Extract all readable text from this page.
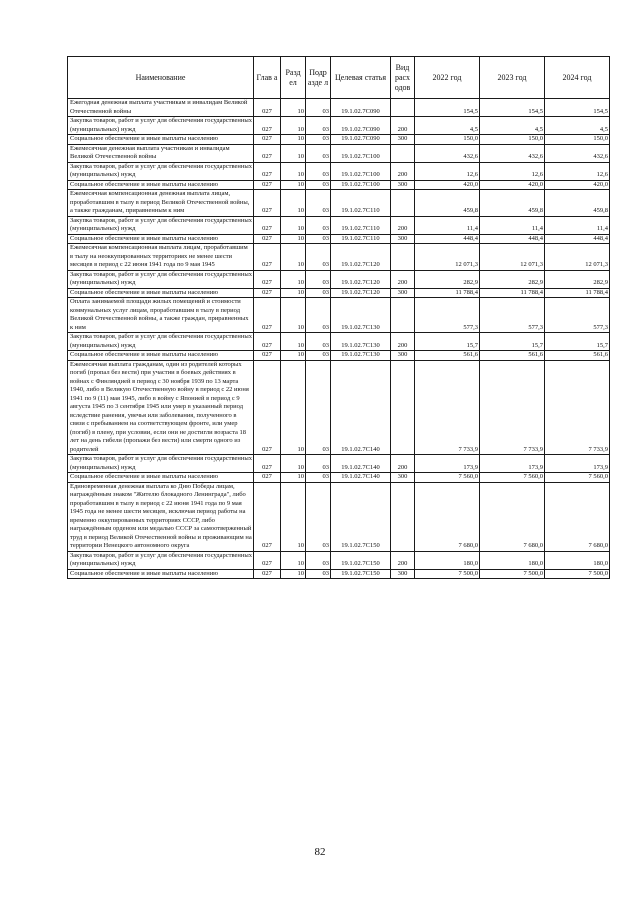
Наименование	Глав а	Разд ел	Подр азде л	Целевая статья	Вид расх одов	2022 год	2023 год	2024 год
Ежегодная денежная выплата участникам и инвалидам Великой Отечественной войны	027	10	03	19.1.02.7С090		154,5	154,5	154,5
Закупка товаров, работ и услуг для обеспечения государственных (муниципальных) нужд	027	10	03	19.1.02.7С090	200	4,5	4,5	4,5
Социальное обеспечение и иные выплаты населению	027	10	03	19.1.02.7С090	300	150,0	150,0	150,0
Ежемесячная денежная выплата участникам и инвалидам Великой Отечественной войны	027	10	03	19.1.02.7С100		432,6	432,6	432,6
Закупка товаров, работ и услуг для обеспечения государственных (муниципальных) нужд	027	10	03	19.1.02.7С100	200	12,6	12,6	12,6
Социальное обеспечение и иные выплаты населению	027	10	03	19.1.02.7С100	300	420,0	420,0	420,0
Ежемесячная компенсационная денежная выплата лицам, проработавшим в тылу в период Великой Отечественной войны, а также гражданам, приравненным к ним	027	10	03	19.1.02.7С110		459,8	459,8	459,8
Закупка товаров, работ и услуг для обеспечения государственных (муниципальных) нужд	027	10	03	19.1.02.7С110	200	11,4	11,4	11,4
Социальное обеспечение и иные выплаты населению	027	10	03	19.1.02.7С110	300	448,4	448,4	448,4
Ежемесячная компенсационная выплата лицам, проработавшим в тылу на неоккупированных территориях не менее шести месяцев в период с 22 июня 1941 года по 9 мая 1945	027	10	03	19.1.02.7С120		12 071,3	12 071,3	12 071,3
Закупка товаров, работ и услуг для обеспечения государственных (муниципальных) нужд	027	10	03	19.1.02.7С120	200	282,9	282,9	282,9
Социальное обеспечение и иные выплаты населению	027	10	03	19.1.02.7С120	300	11 788,4	11 788,4	11 788,4
Оплата занимаемой площади жилых помещений и стоимости коммунальных услуг лицам, проработавшим в тылу в период Великой Отечественной войны, а также граждан, приравненных к ним	027	10	03	19.1.02.7С130		577,3	577,3	577,3
Закупка товаров, работ и услуг для обеспечения государственных (муниципальных) нужд	027	10	03	19.1.02.7С130	200	15,7	15,7	15,7
Социальное обеспечение и иные выплаты населению	027	10	03	19.1.02.7С130	300	561,6	561,6	561,6
Ежемесячная выплата гражданам, один из родителей которых погиб (пропал без вести) при участии в боевых действиях в войнах с Финляндией в период с 30 ноября 1939 по 13 марта 1940, либо в Великую Отечественную войну в период с 22 июня 1941 по 9 (11) мая 1945, либо в войну с Японией в период с 9 августа 1945 по 3 сентября 1945 или умер в указанный период вследствие ранения, увечья или заболевания, полученного в связи с пребыванием на соответствующем фронте, или умер (погиб) в плену, при условии, если они не достигли возраста 18 лет на день гибели (пропажи без вести) или смерти одного из родителей	027	10	03	19.1.02.7С140		7 733,9	7 733,9	7 733,9
Закупка товаров, работ и услуг для обеспечения государственных (муниципальных) нужд	027	10	03	19.1.02.7С140	200	173,9	173,9	173,9
Социальное обеспечение и иные выплаты населению	027	10	03	19.1.02.7С140	300	7 560,0	7 560,0	7 560,0
Единовременная денежная выплата ко Дню Победы лицам, награждённым знаком "Жителю блокадного Ленинграда", либо проработавшим в тылу в период с 22 июня 1941 года по 9 мая 1945 года не менее шести месяцев, исключая период работы на временно оккупированных территориях СССР, либо награждённым орденом или медалью СССР за самоотверженный труд в период Великой Отечественной войны и проживающим на территории Ненецкого автономного округа	027	10	03	19.1.02.7С150		7 680,0	7 680,0	7 680,0
Закупка товаров, работ и услуг для обеспечения государственных (муниципальных) нужд	027	10	03	19.1.02.7С150	200	180,0	180,0	180,0
Социальное обеспечение и иные выплаты населению	027	10	03	19.1.02.7С150	300	7 500,0	7 500,0	7 500,0
82
